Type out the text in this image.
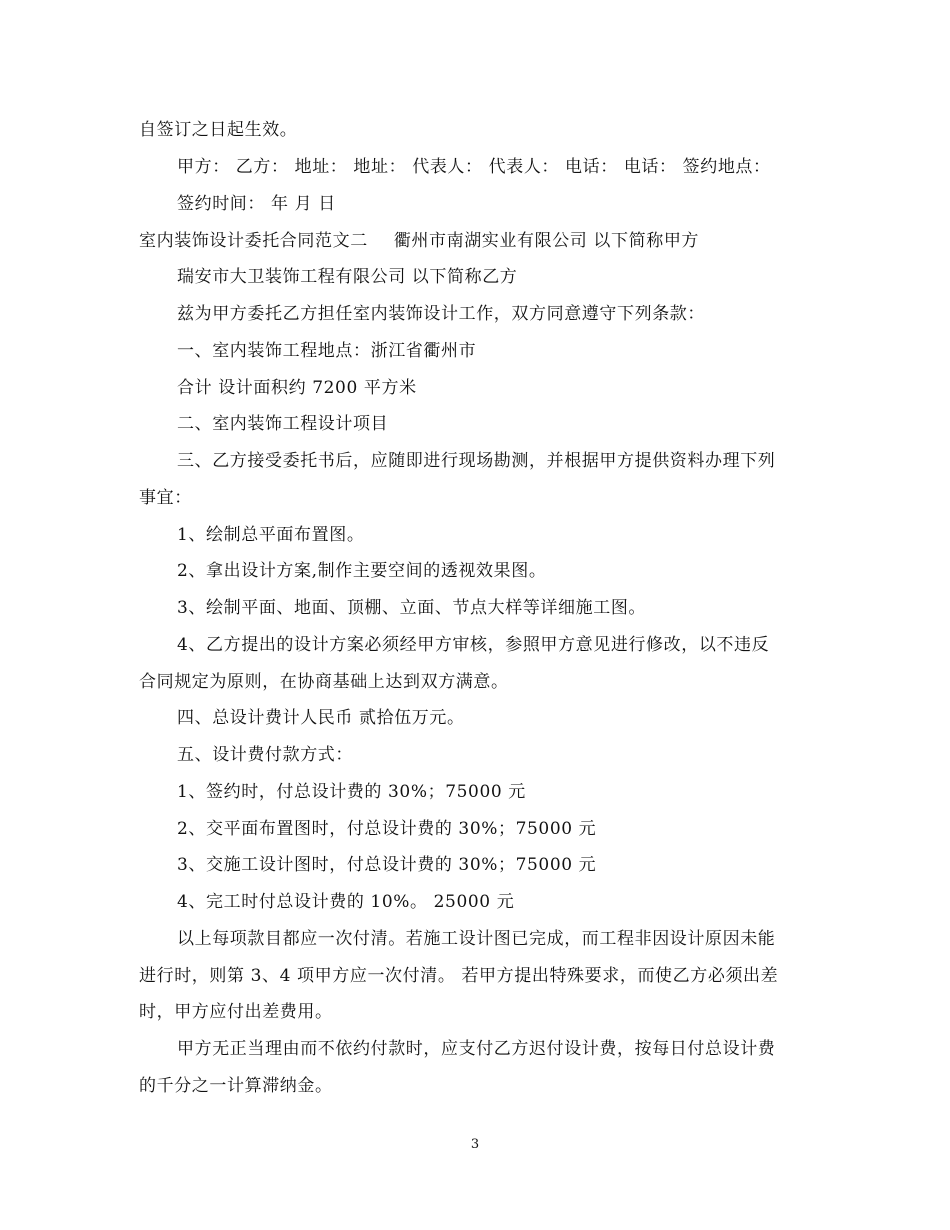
自签订之日起生效。

甲方： 乙方： 地址： 地址： 代表人： 代表人： 电话： 电话： 签约地点：

签约时间： 年 月 日

室内装饰设计委托合同范文二 衢州市南湖实业有限公司 以下简称甲方

瑞安市大卫装饰工程有限公司 以下简称乙方

兹为甲方委托乙方担任室内装饰设计工作，双方同意遵守下列条款：

一、室内装饰工程地点：浙江省衢州市

合计 设计面积约 7200 平方米

二、室内装饰工程设计项目

三、乙方接受委托书后，应随即进行现场勘测，并根据甲方提供资料办理下列

事宜：

1、绘制总平面布置图。

2、拿出设计方案,制作主要空间的透视效果图。

3、绘制平面、地面、顶棚、立面、节点大样等详细施工图。

4、乙方提出的设计方案必须经甲方审核，参照甲方意见进行修改，以不违反

合同规定为原则，在协商基础上达到双方满意。

四、总设计费计人民币 贰拾伍万元。

五、设计费付款方式：

1、签约时，付总设计费的 30%；75000 元

2、交平面布置图时，付总设计费的 30%；75000 元

3、交施工设计图时，付总设计费的 30%；75000 元

4、完工时付总设计费的 10%。 25000 元

以上每项款目都应一次付清。若施工设计图已完成，而工程非因设计原因未能

进行时，则第 3、4 项甲方应一次付清。 若甲方提出特殊要求，而使乙方必须出差

时，甲方应付出差费用。

甲方无正当理由而不依约付款时，应支付乙方迟付设计费，按每日付总设计费

的千分之一计算滞纳金。

3
